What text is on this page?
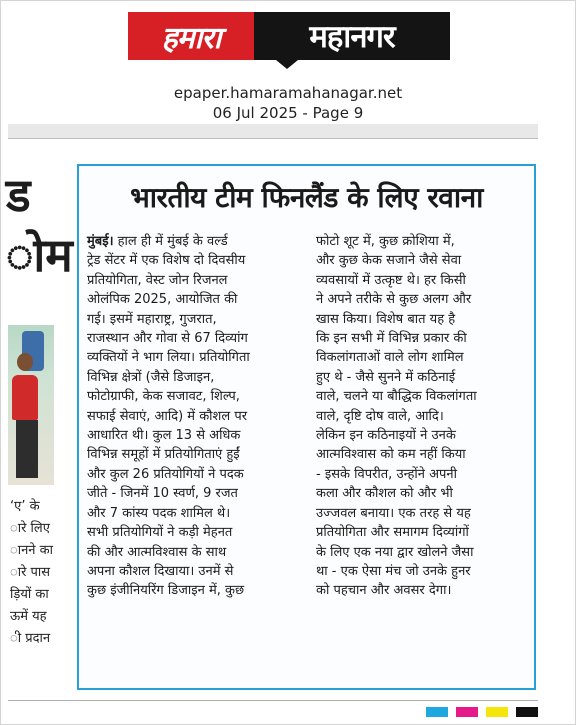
हमारा	महानगर
epaper.hamaramahanagar.net
06 Jul 2025 - Page 9
ड
ोम
‘ए’ के
ारे लिए
ानने का
ारे पास
ड़ियों का
ऊमें यह
ी प्रदान
भारतीय टीम फिनलैंड के लिए रवाना
मुंबई। हाल ही में मुंबई के वर्ल्ड
ट्रेड सेंटर में एक विशेष दो दिवसीय
प्रतियोगिता, वेस्ट जोन रिजनल
ओलंपिक 2025, आयोजित की
गई। इसमें महाराष्ट्र, गुजरात,
राजस्थान और गोवा से 67 दिव्यांग
व्यक्तियों ने भाग लिया। प्रतियोगिता
विभिन्न क्षेत्रों (जैसे डिजाइन,
फोटोग्राफी, केक सजावट, शिल्प,
सफाई सेवाएं, आदि) में कौशल पर
आधारित थी। कुल 13 से अधिक
विभिन्न समूहों में प्रतियोगिताएं हुईं
और कुल 26 प्रतियोगियों ने पदक
जीते - जिनमें 10 स्वर्ण, 9 रजत
और 7 कांस्य पदक शामिल थे।
सभी प्रतियोगियों ने कड़ी मेहनत
की और आत्मविश्वास के साथ
अपना कौशल दिखाया। उनमें से
कुछ इंजीनियरिंग डिजाइन में, कुछ
फोटो शूट में, कुछ क्रोशिया में,
और कुछ केक सजाने जैसे सेवा
व्यवसायों में उत्कृष्ट थे। हर किसी
ने अपने तरीके से कुछ अलग और
खास किया। विशेष बात यह है
कि इन सभी में विभिन्न प्रकार की
विकलांगताओं वाले लोग शामिल
हुए थे - जैसे सुनने में कठिनाई
वाले, चलने या बौद्धिक विकलांगता
वाले, दृष्टि दोष वाले, आदि।
लेकिन इन कठिनाइयों ने उनके
आत्मविश्वास को कम नहीं किया
- इसके विपरीत, उन्होंने अपनी
कला और कौशल को और भी
उज्जवल बनाया। एक तरह से यह
प्रतियोगिता और समागम दिव्यांगों
के लिए एक नया द्वार खोलने जैसा
था - एक ऐसा मंच जो उनके हुनर
को पहचान और अवसर देगा।
